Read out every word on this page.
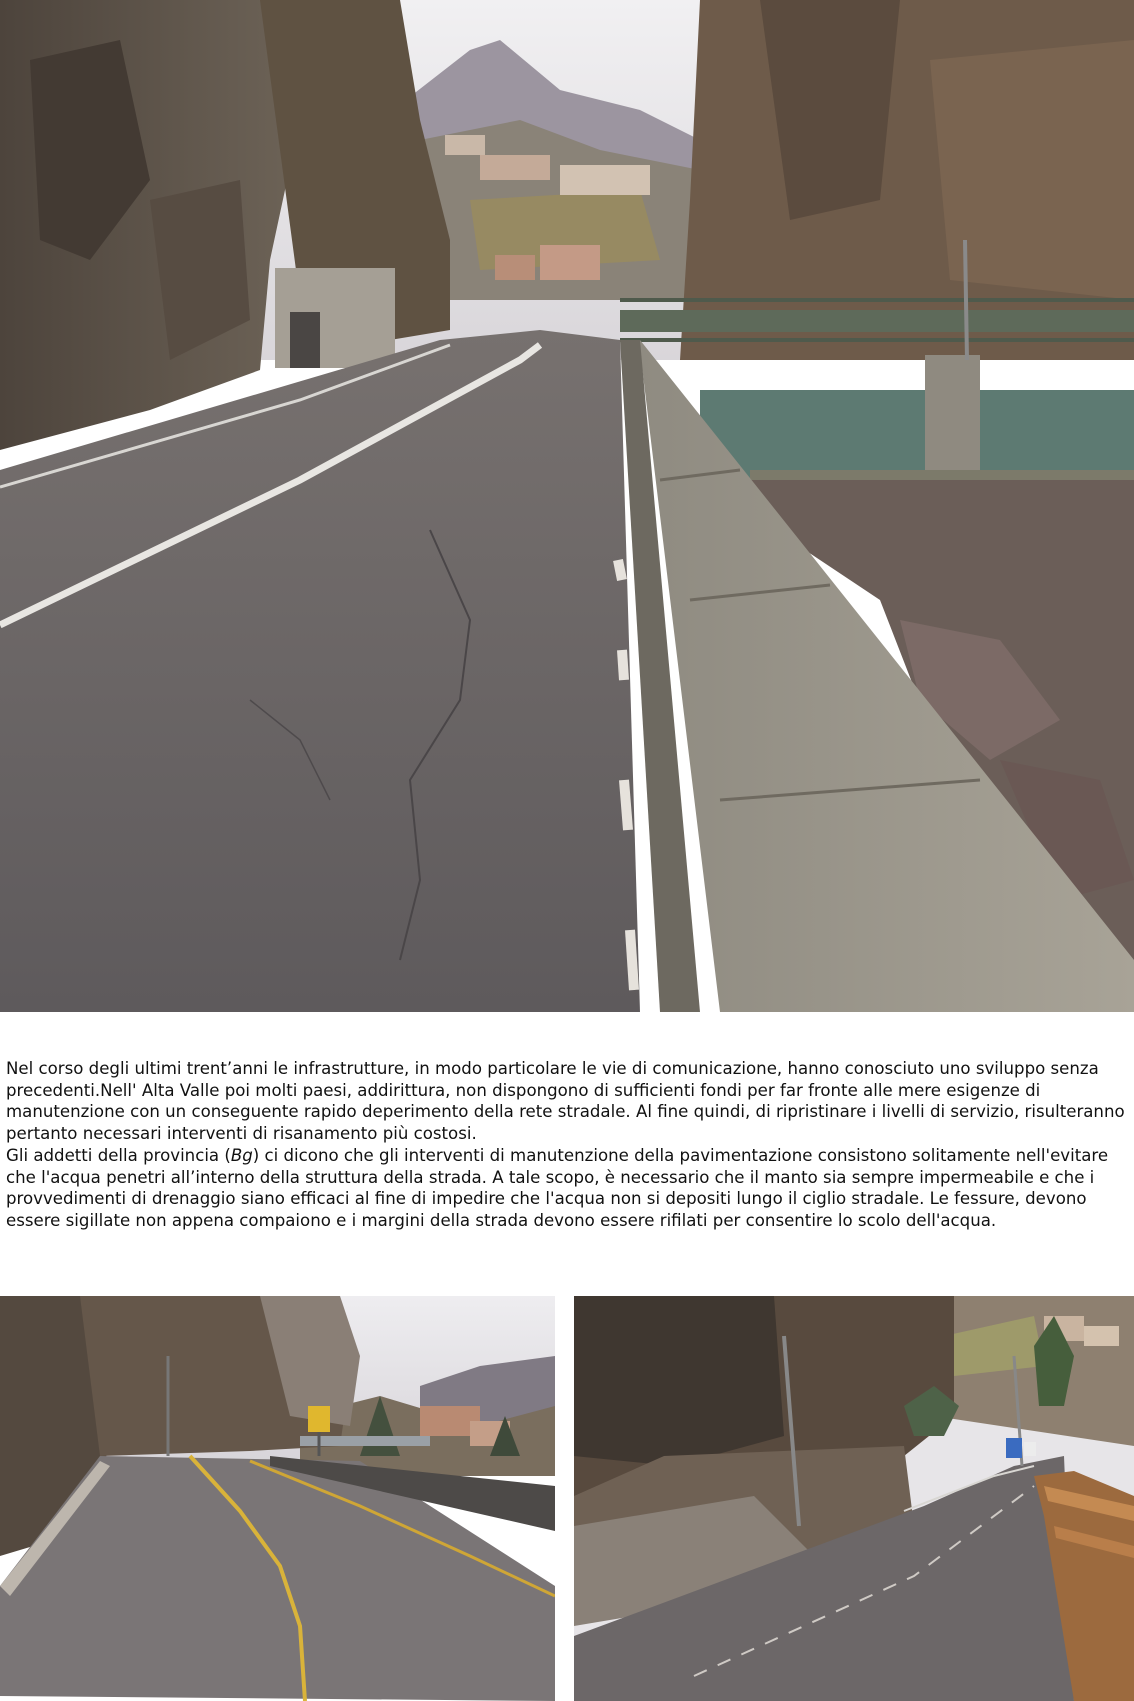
Nel corso degli ultimi trent’anni le infrastrutture, in modo particolare le vie di comunicazione, hanno conosciuto uno sviluppo senza precedenti.Nell' Alta Valle poi molti paesi, addirittura, non dispongono di sufficienti fondi per far fronte alle mere esigenze di manutenzione con un conseguente rapido deperimento della rete stradale. Al fine quindi, di ripristinare i livelli di servizio, risulteranno pertanto necessari interventi di risanamento più costosi.

Gli addetti della provincia (Bg) ci dicono che gli interventi di manutenzione della pavimentazione consistono solitamente nell'evitare che l'acqua penetri all’interno della struttura della strada. A tale scopo, è necessario che il manto sia sempre impermeabile e che i provvedimenti di drenaggio siano efficaci al fine di impedire che l'acqua non si depositi lungo il ciglio stradale. Le fessure, devono essere sigillate non appena compaiono e i margini della strada devono essere rifilati per consentire lo scolo dell'acqua.
